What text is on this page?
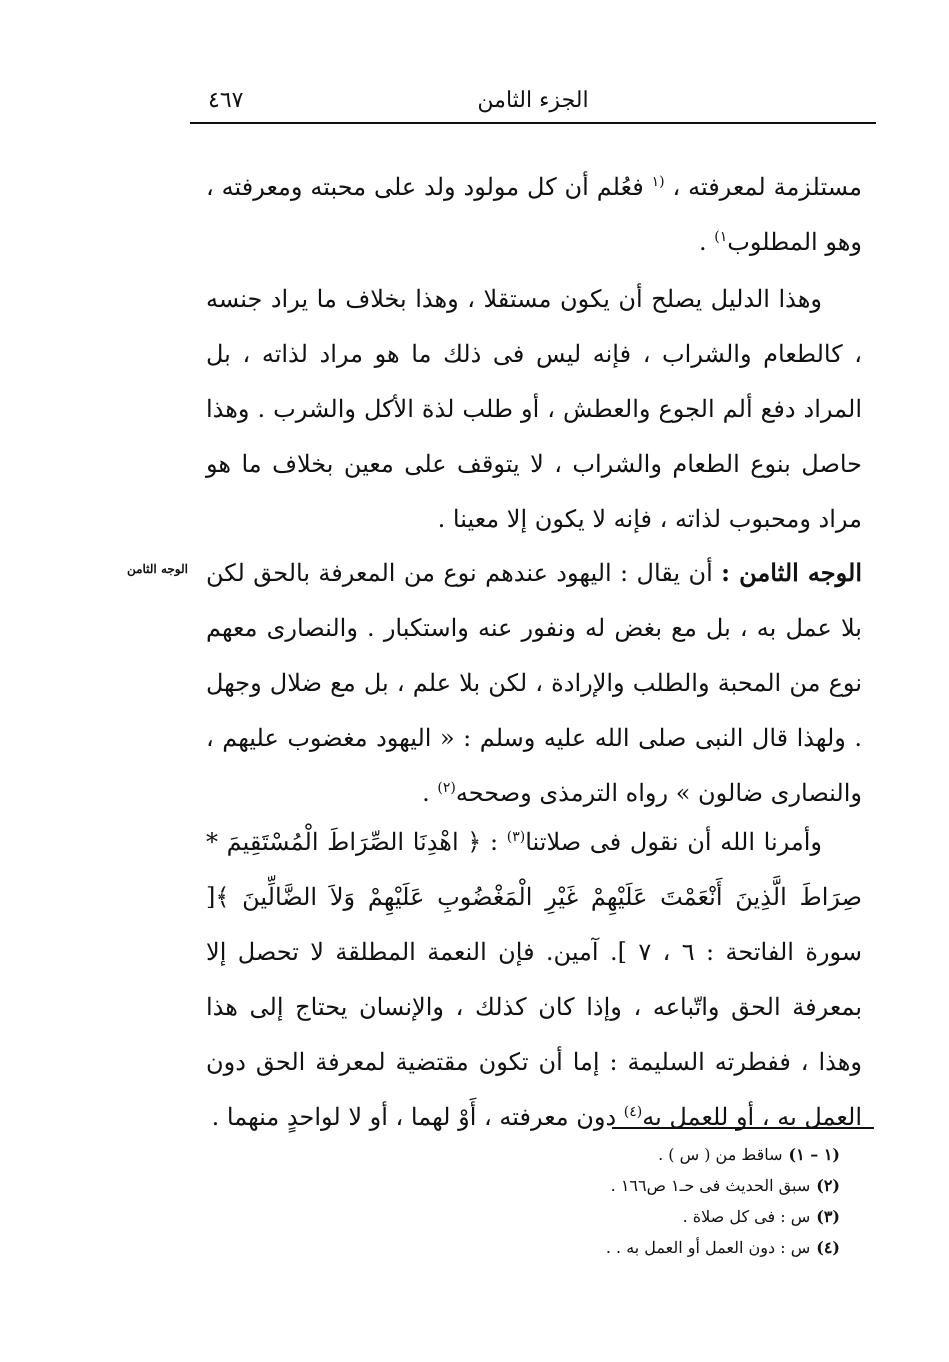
٤٦٧	الجزء الثامن
الوجه الثامن

مستلزمة لمعرفته ، $^{(١}$ فعُلم أن كل مولود ولد على محبته ومعرفته ، وهو المطلوب$^{١)}$ .

وهذا الدليل يصلح أن يكون مستقلا ، وهذا بخلاف ما يراد جنسه ، كالطعام والشراب ، فإنه ليس فى ذلك ما هو مراد لذاته ، بل المراد دفع ألم الجوع والعطش ، أو طلب لذة الأكل والشرب . وهذا حاصل بنوع الطعام والشراب ، لا يتوقف على معين بخلاف ما هو مراد ومحبوب لذاته ، فإنه لا يكون إلا معينا .

الوجه الثامن : أن يقال : اليهود عندهم نوع من المعرفة بالحق لكن بلا عمل به ، بل مع بغض له ونفور عنه واستكبار . والنصارى معهم نوع من المحبة والطلب والإرادة ، لكن بلا علم ، بل مع ضلال وجهل . ولهذا قال النبى صلى الله عليه وسلم : « اليهود مغضوب عليهم ، والنصارى ضالون » رواه الترمذى وصححه$^{(٢)}$ .

وأمرنا الله أن نقول فى صلاتنا$^{(٣)}$ : ﴿ اهْدِنَا الصِّرَاطَ الْمُسْتَقِيمَ * صِرَاطَ الَّذِينَ أَنْعَمْتَ عَلَيْهِمْ غَيْرِ الْمَغْضُوبِ عَلَيْهِمْ وَلاَ الضَّالِّينَ ﴾[ سورة الفاتحة : ٦ ، ٧ ]. آمين. فإن النعمة المطلقة لا تحصل إلا بمعرفة الحق واتّباعه ، وإذا كان كذلك ، والإنسان يحتاج إلى هذا وهذا ، ففطرته السليمة : إما أن تكون مقتضية لمعرفة الحق دون العمل به ، أو للعمل به$^{(٤)}$ دون معرفته ، أَوْ لهما ، أو لا لواحدٍ منهما .

(١ – ١)ساقط من ( س ) .
(٢)سبق الحديث فى حـ١ ص١٦٦ .
(٣)س : فى كل صلاة .
(٤)س : دون العمل أو العمل به . .
